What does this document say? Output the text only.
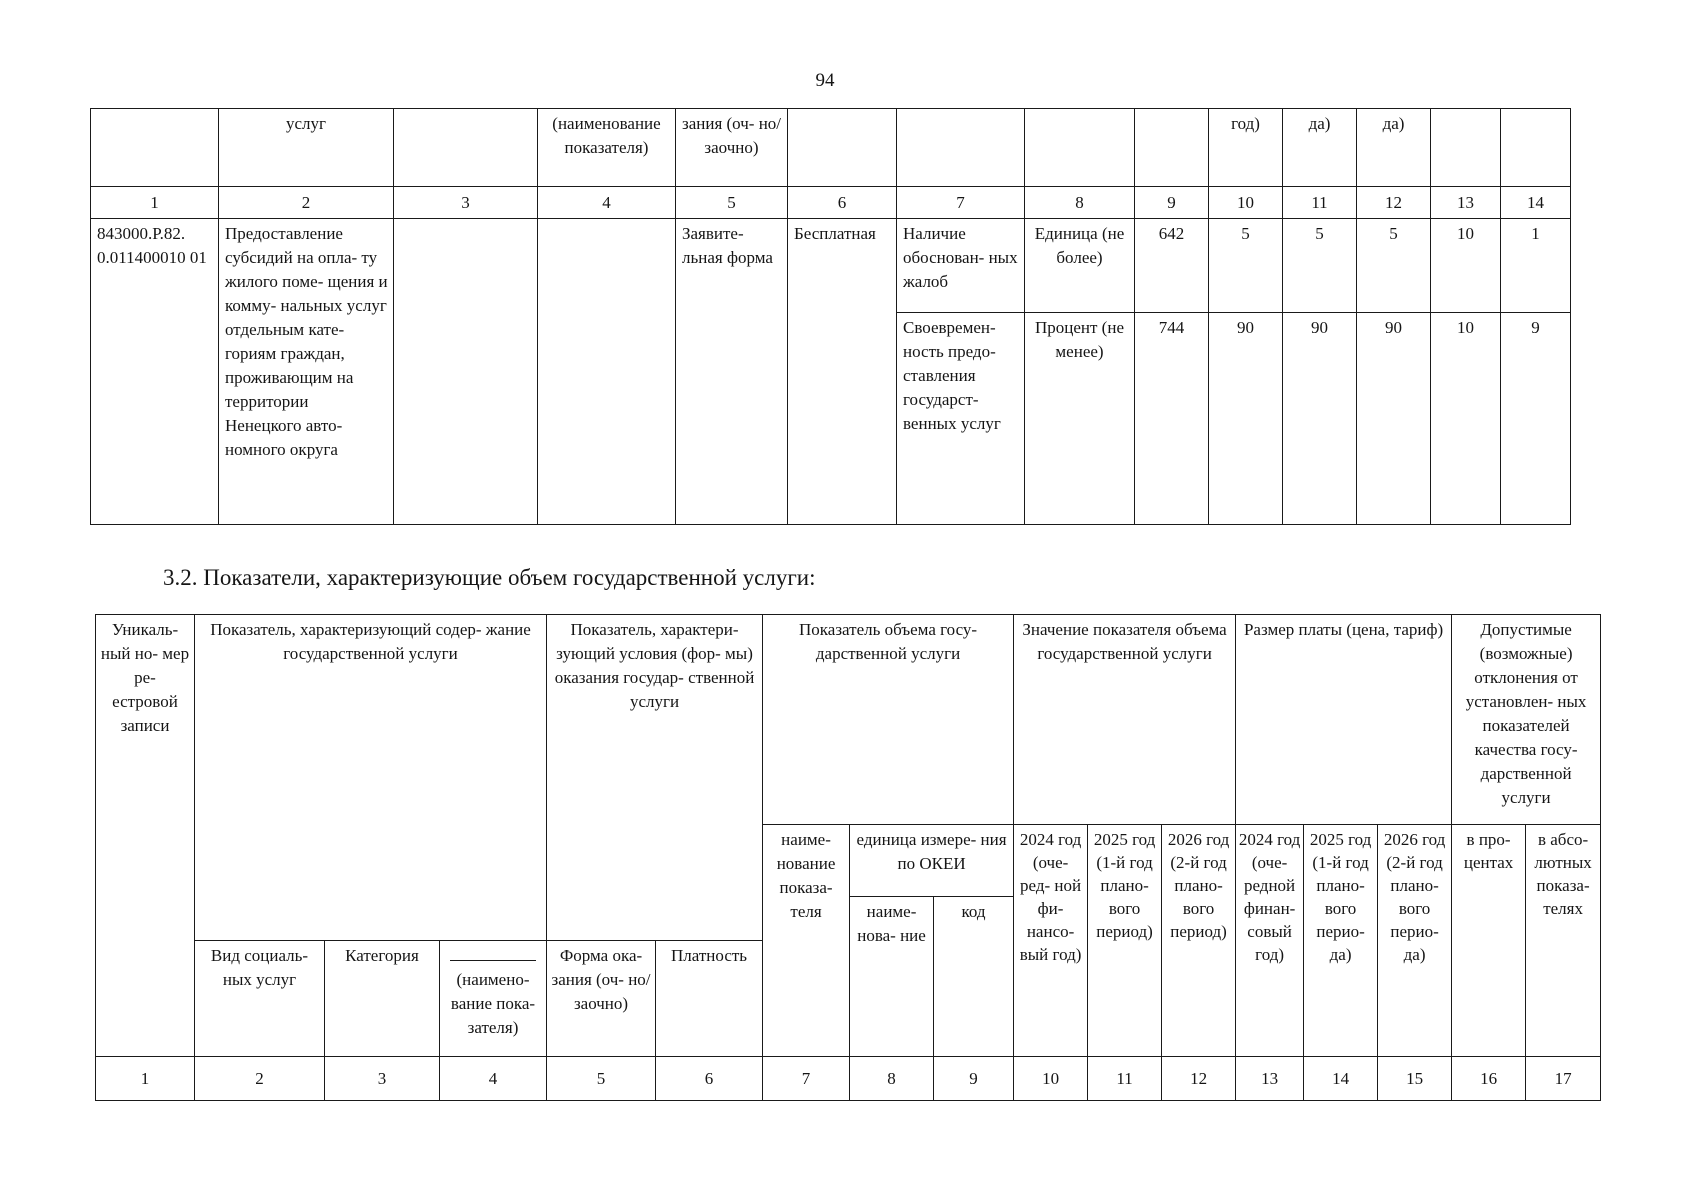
94
	услуг		(наименование показателя)	зания (оч- но/заочно)					год)	да)	да)		
1	2	3	4	5	6	7	8	9	10	11	12	13	14
843000.Р.82. 0.011400010 01	Предоставление субсидий на опла- ту жилого поме- щения и комму- нальных услуг отдельным кате- гориям граждан, проживающим на территории Ненецкого авто- номного округа			Заявите- льная форма	Бесплатная	Наличие обоснован- ных жалоб	Единица (не более)	642	5	5	5	10	1
						Своевремен- ность предо- ставления государст- венных услуг	Процент (не менее)	744	90	90	90	10	9
3.2. Показатели, характеризующие объем государственной услуги:
Уникаль- ный но- мер ре- естровой записи	Показатель, характеризующий содер- жание государственной услуги			Показатель, характери- зующий условия (фор- мы) оказания государ- ственной услуги		Показатель объема госу- дарственной услуги			Значение показателя объема государственной услуги			Размер платы (цена, тариф)			Допустимые (возможные) отклонения от установлен- ных показателей качества госу- дарственной услуги	
						наиме- нование показа- теля	единица измере- ния по ОКЕИ		2024 год (оче- ред- ной фи- нансо- вый год)	2025 год (1-й год плано- вого период)	2026 год (2-й год плано- вого период)	2024 год (оче- редной финан- совый год)	2025 год (1-й год плано- вого перио- да)	2026 год (2-й год плано- вого перио- да)	в про- центах	в абсо- лютных показа- телях
							наиме- нова- ние	код								
	Вид социаль- ных услуг	Категория	(наимено- вание пока- зателя)	Форма ока- зания (оч- но/заочно)	Платность											
1	2	3	4	5	6	7	8	9	10	11	12	13	14	15	16	17
